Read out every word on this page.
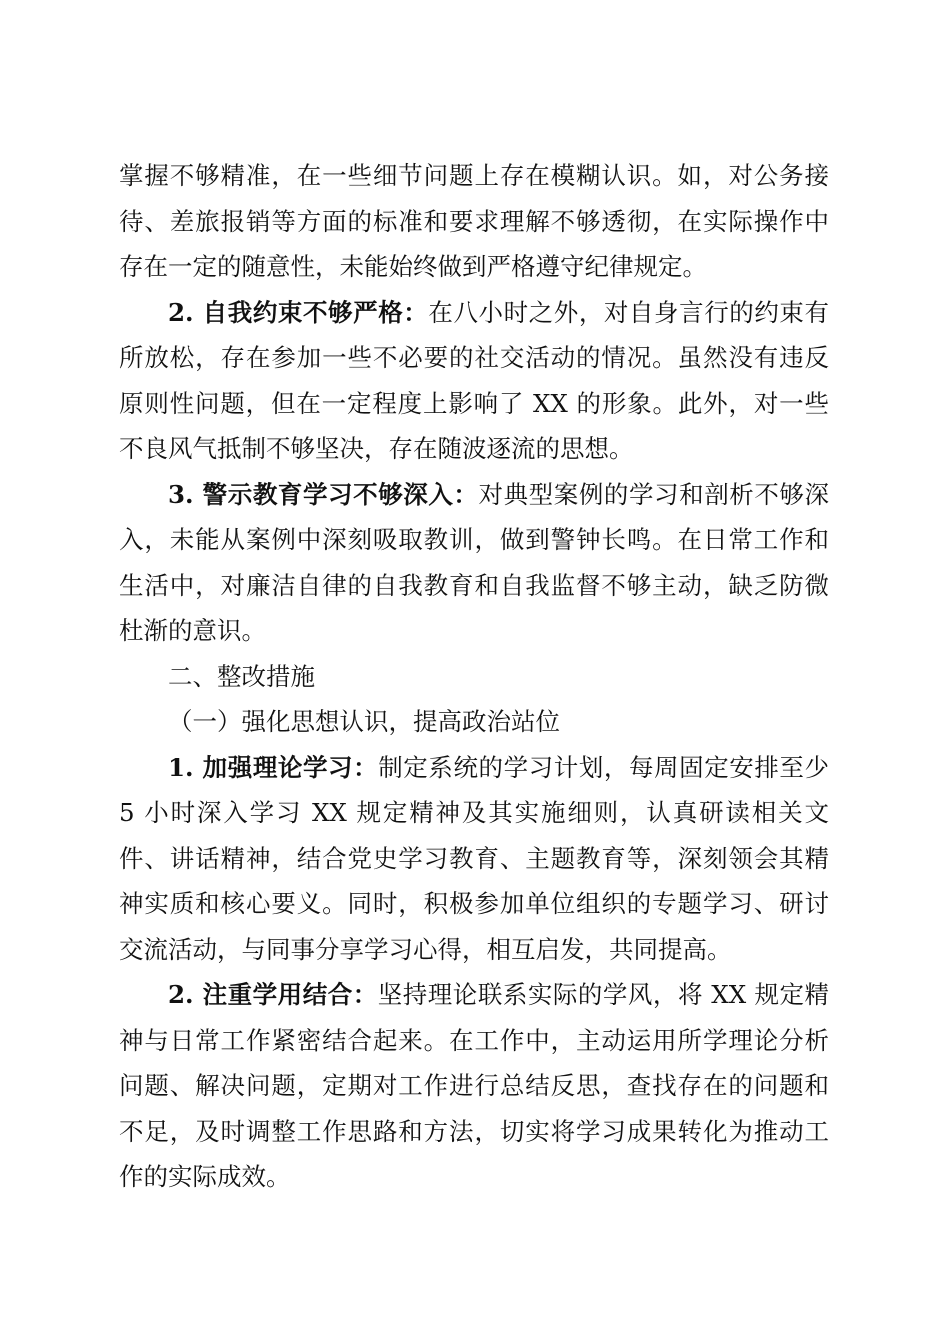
掌握不够精准，在一些细节问题上存在模糊认识。如，对公务接待、差旅报销等方面的标准和要求理解不够透彻，在实际操作中存在一定的随意性，未能始终做到严格遵守纪律规定。

2. 自我约束不够严格：在八小时之外，对自身言行的约束有所放松，存在参加一些不必要的社交活动的情况。虽然没有违反原则性问题，但在一定程度上影响了 XX 的形象。此外，对一些不良风气抵制不够坚决，存在随波逐流的思想。

3. 警示教育学习不够深入：对典型案例的学习和剖析不够深入，未能从案例中深刻吸取教训，做到警钟长鸣。在日常工作和生活中，对廉洁自律的自我教育和自我监督不够主动，缺乏防微杜渐的意识。

二、整改措施

（一）强化思想认识，提高政治站位

1. 加强理论学习：制定系统的学习计划，每周固定安排至少 5 小时深入学习 XX 规定精神及其实施细则，认真研读相关文件、讲话精神，结合党史学习教育、主题教育等，深刻领会其精神实质和核心要义。同时，积极参加单位组织的专题学习、研讨交流活动，与同事分享学习心得，相互启发，共同提高。

2. 注重学用结合：坚持理论联系实际的学风，将 XX 规定精神与日常工作紧密结合起来。在工作中，主动运用所学理论分析问题、解决问题，定期对工作进行总结反思，查找存在的问题和不足，及时调整工作思路和方法，切实将学习成果转化为推动工作的实际成效。
